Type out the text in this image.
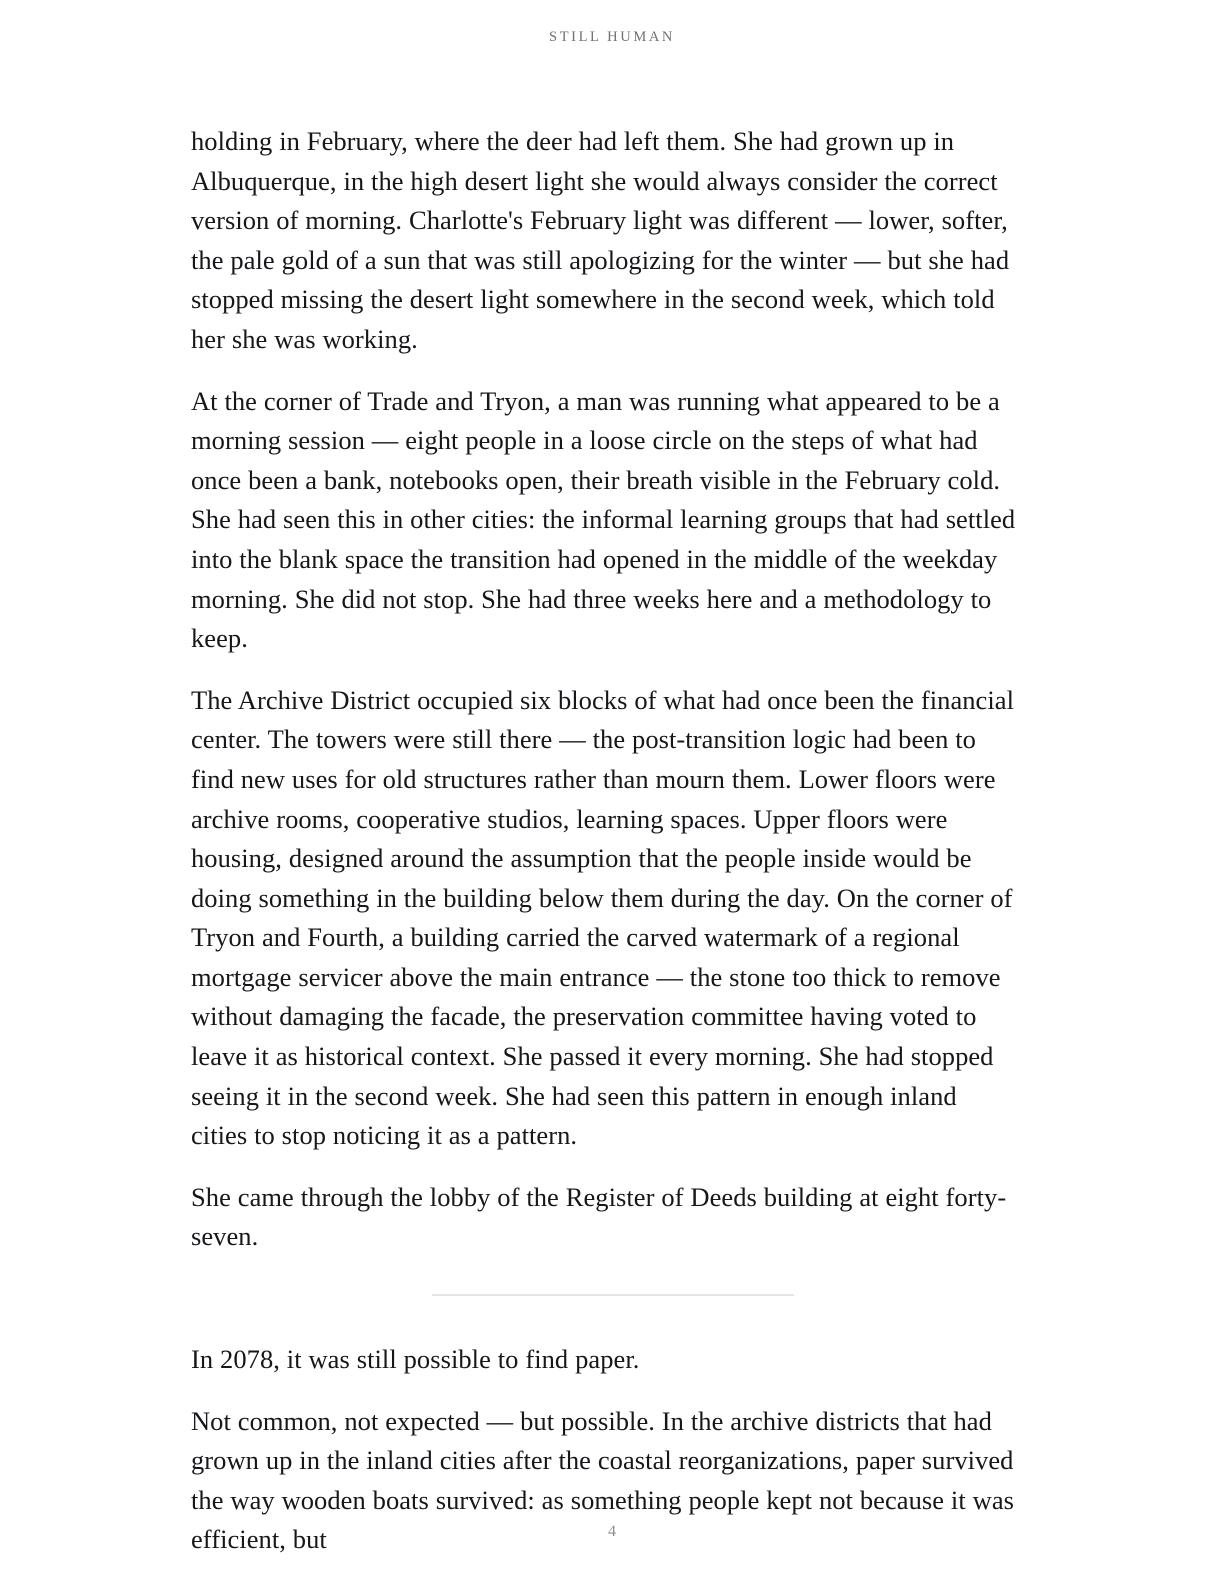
STILL HUMAN

holding in February, where the deer had left them. She had grown up in Albuquerque, in the high desert light she would always consider the correct version of morning. Charlotte's February light was different — lower, softer, the pale gold of a sun that was still apologizing for the winter — but she had stopped missing the desert light somewhere in the second week, which told her she was working.

At the corner of Trade and Tryon, a man was running what appeared to be a morning session — eight people in a loose circle on the steps of what had once been a bank, notebooks open, their breath visible in the February cold. She had seen this in other cities: the informal learning groups that had settled into the blank space the transition had opened in the middle of the weekday morning. She did not stop. She had three weeks here and a methodology to keep.

The Archive District occupied six blocks of what had once been the financial center. The towers were still there — the post-transition logic had been to find new uses for old structures rather than mourn them. Lower floors were archive rooms, cooperative studios, learning spaces. Upper floors were housing, designed around the assumption that the people inside would be doing something in the building below them during the day. On the corner of Tryon and Fourth, a building carried the carved watermark of a regional mortgage servicer above the main entrance — the stone too thick to remove without damaging the facade, the preservation committee having voted to leave it as historical context. She passed it every morning. She had stopped seeing it in the second week. She had seen this pattern in enough inland cities to stop noticing it as a pattern.

She came through the lobby of the Register of Deeds building at eight forty-seven.

In 2078, it was still possible to find paper.

Not common, not expected — but possible. In the archive districts that had grown up in the inland cities after the coastal reorganizations, paper survived the way wooden boats survived: as something people kept not because it was efficient, but	4
